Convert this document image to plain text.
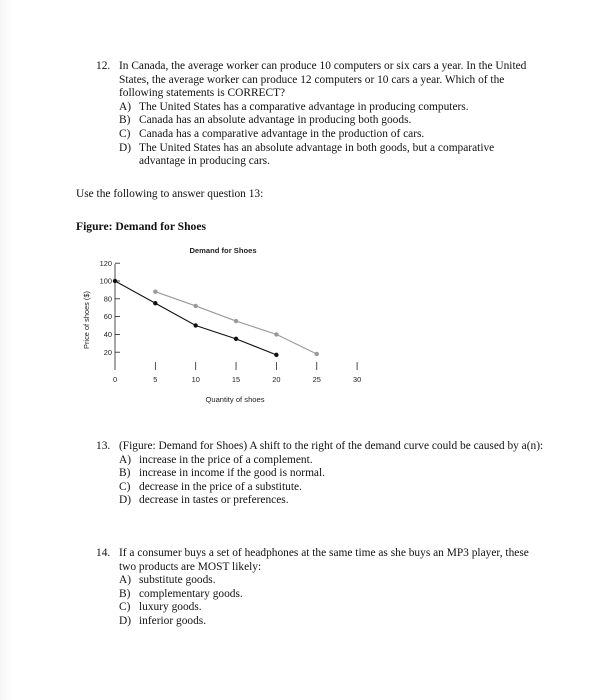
12. In Canada, the average worker can produce 10 computers or six cars a year. In the United States, the average worker can produce 12 computers or 10 cars a year. Which of the following statements is CORRECT?
A) The United States has a comparative advantage in producing computers.
B) Canada has an absolute advantage in producing both goods.
C) Canada has a comparative advantage in the production of cars.
D) The United States has an absolute advantage in both goods, but a comparative advantage in producing cars.
Use the following to answer question 13:
Figure: Demand for Shoes
Demand for Shoes
20
40
60
80
100
120
0	5	10	15	20	25	30
Quantity of shoes
Price of shoes ($)
13. (Figure: Demand for Shoes) A shift to the right of the demand curve could be caused by a(n):
A) increase in the price of a complement.
B) increase in income if the good is normal.
C) decrease in the price of a substitute.
D) decrease in tastes or preferences.
14. If a consumer buys a set of headphones at the same time as she buys an MP3 player, these two products are MOST likely:
A) substitute goods.
B) complementary goods.
C) luxury goods.
D) inferior goods.
